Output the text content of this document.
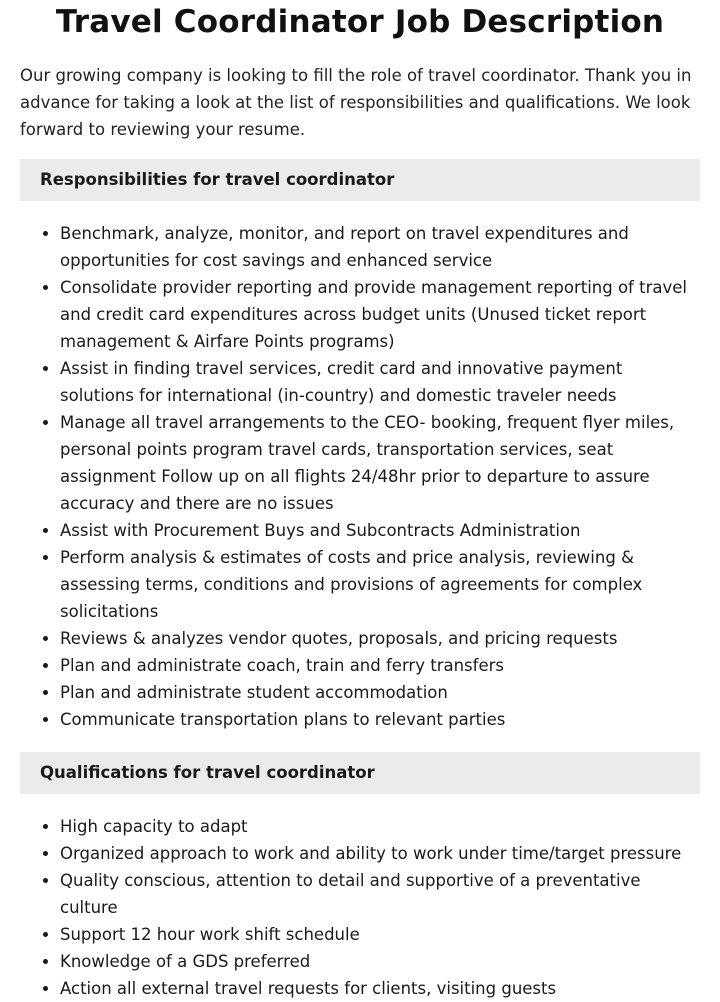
Travel Coordinator Job Description

Our growing company is looking to fill the role of travel coordinator. Thank you in advance for taking a look at the list of responsibilities and qualifications. We look forward to reviewing your resume.

Responsibilities for travel coordinator
Benchmark, analyze, monitor, and report on travel expenditures and opportunities for cost savings and enhanced service
Consolidate provider reporting and provide management reporting of travel and credit card expenditures across budget units (Unused ticket report management & Airfare Points programs)
Assist in finding travel services, credit card and innovative payment solutions for international (in-country) and domestic traveler needs
Manage all travel arrangements to the CEO- booking, frequent flyer miles, personal points program travel cards, transportation services, seat assignment Follow up on all flights 24/48hr prior to departure to assure accuracy and there are no issues
Assist with Procurement Buys and Subcontracts Administration
Perform analysis & estimates of costs and price analysis, reviewing & assessing terms, conditions and provisions of agreements for complex solicitations
Reviews & analyzes vendor quotes, proposals, and pricing requests
Plan and administrate coach, train and ferry transfers
Plan and administrate student accommodation
Communicate transportation plans to relevant parties
Qualifications for travel coordinator
High capacity to adapt
Organized approach to work and ability to work under time/target pressure
Quality conscious, attention to detail and supportive of a preventative culture
Support 12 hour work shift schedule
Knowledge of a GDS preferred
Action all external travel requests for clients, visiting guests
